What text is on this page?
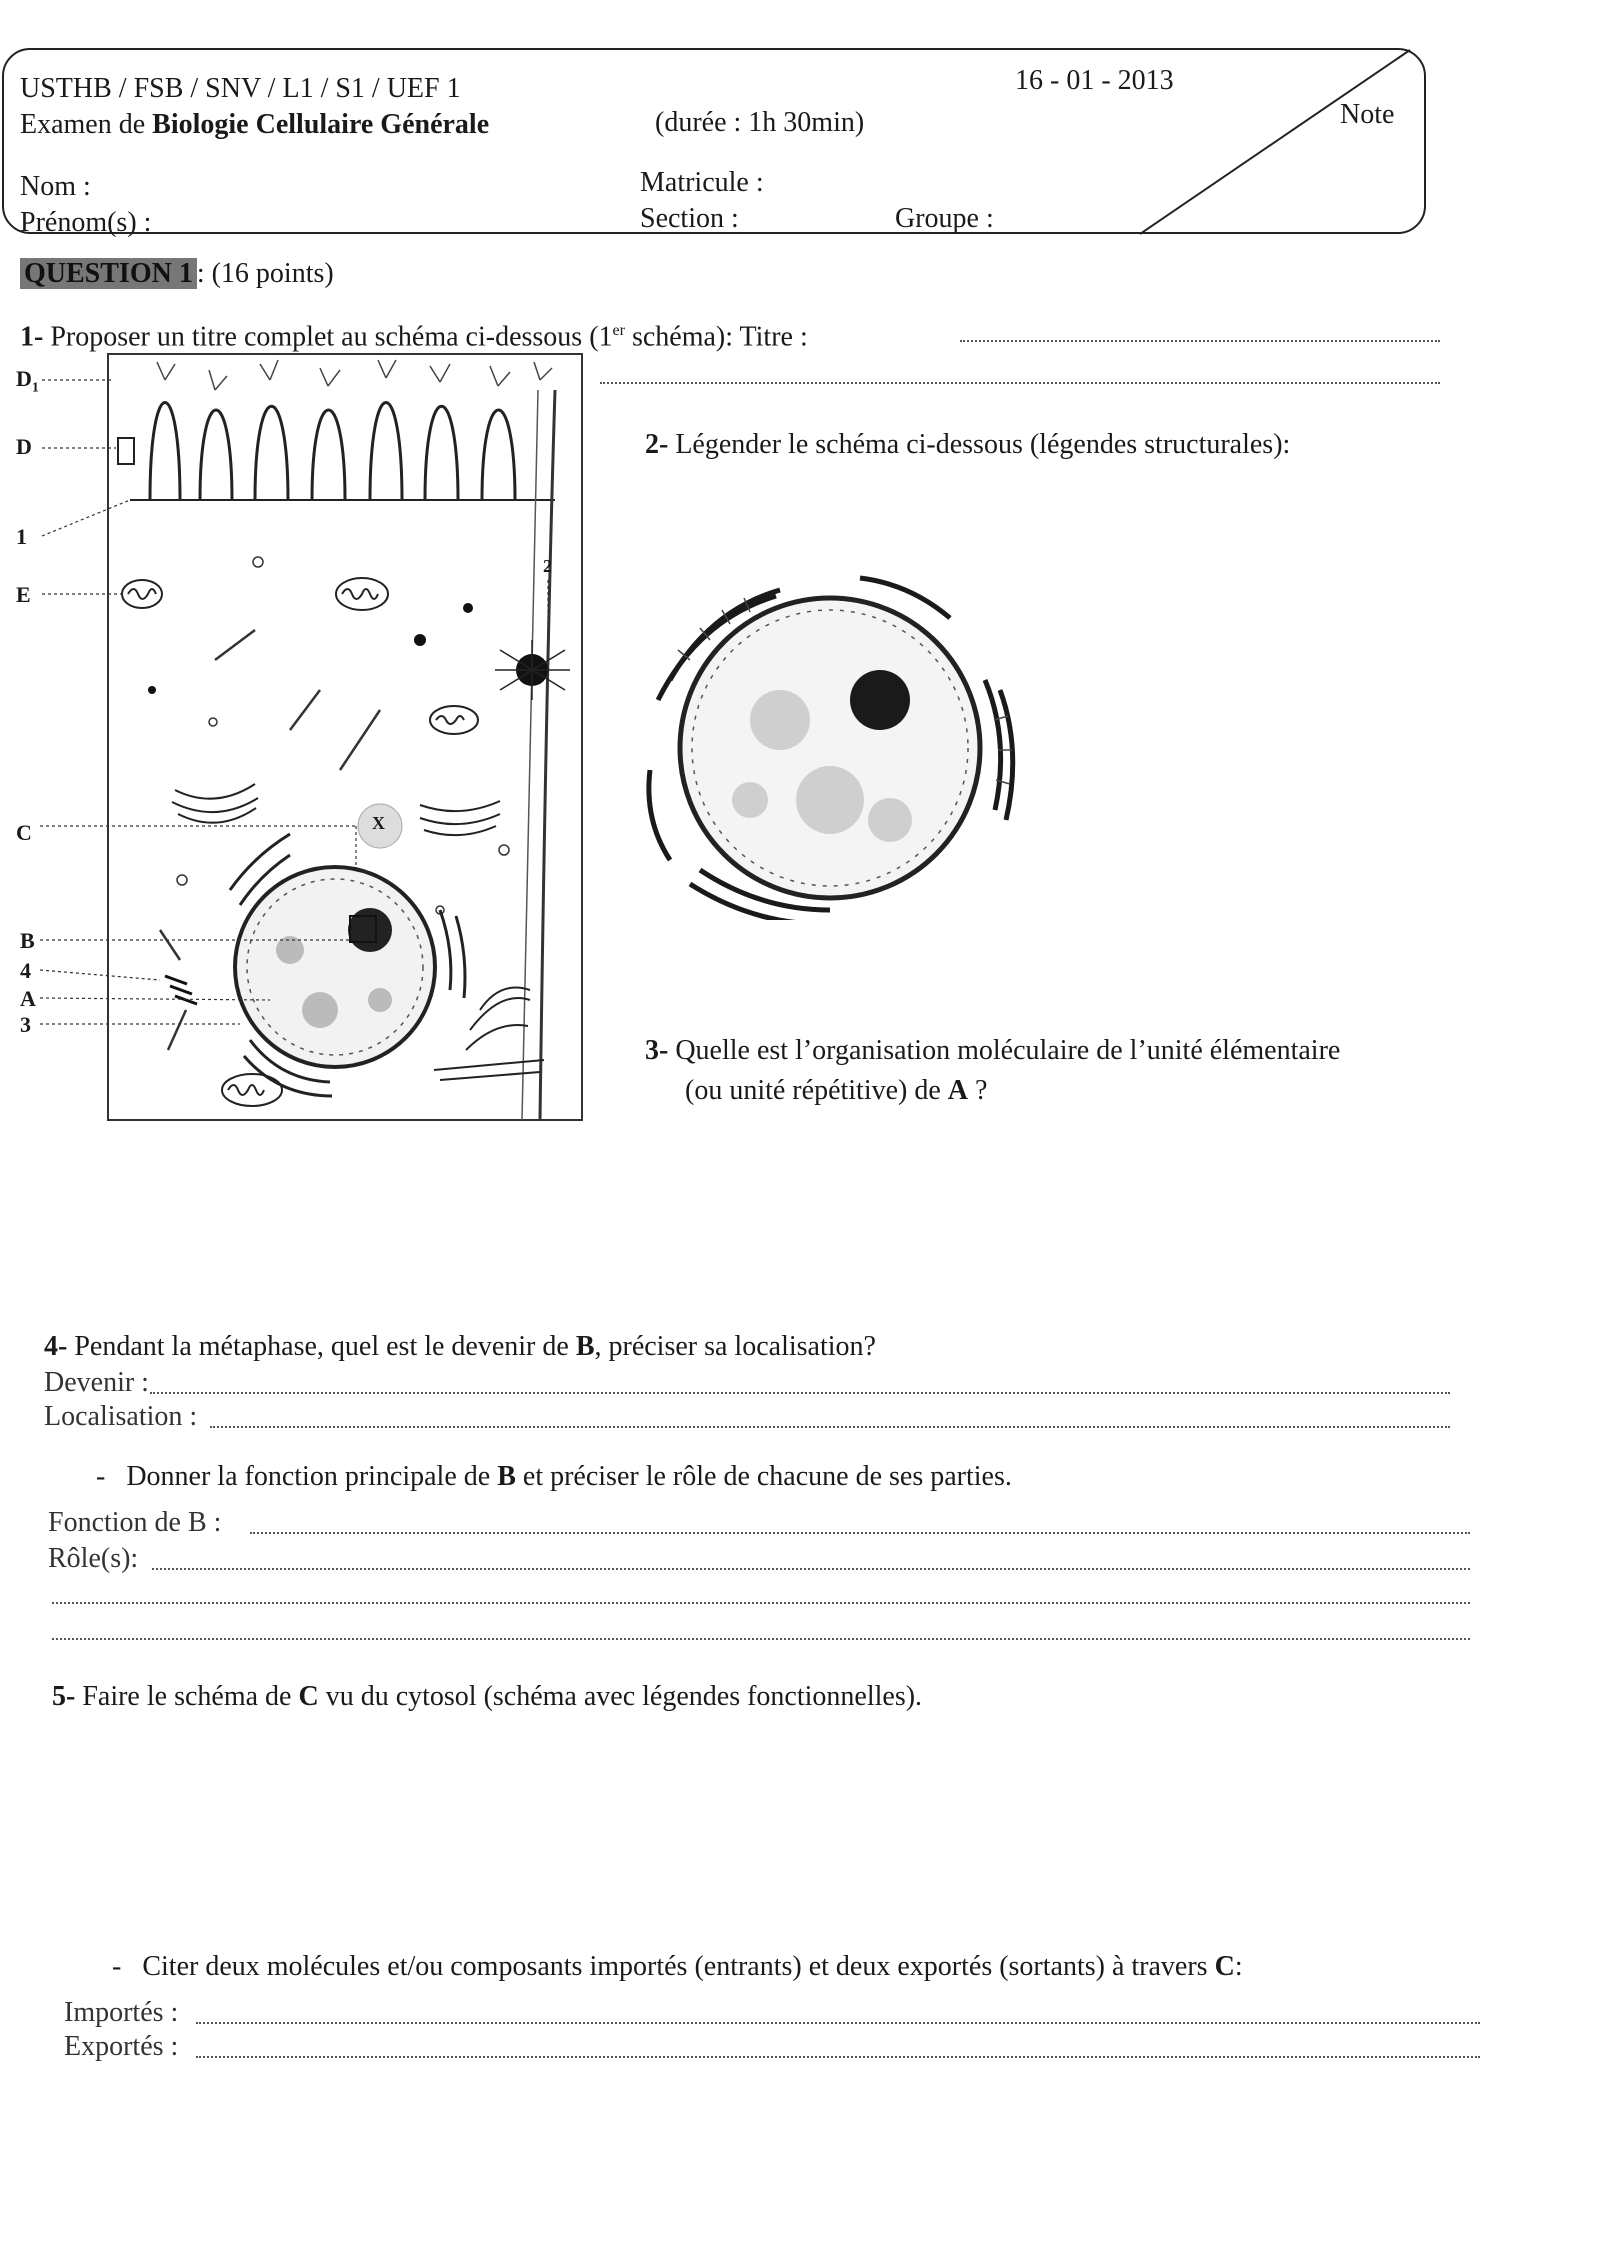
USTHB / FSB / SNV / L1 / S1 / UEF 1
Examen de Biologie Cellulaire Générale	(durée : 1h 30min)
16 - 01 - 2013
Note
Nom :
Prénom(s) :
Matricule :
Section :	Groupe :
QUESTION 1 : (16 points)
1- Proposer un titre complet au schéma ci-dessous (1er schéma): Titre :
$D_1$
D
1
E
2
X
C
B
4
A
3
2- Légender le schéma ci-dessous (légendes structurales):
3- Quelle est l’organisation moléculaire de l’unité élémentaire
(ou unité répétitive) de A ?
4- Pendant la métaphase, quel est le devenir de B, préciser sa localisation?
Devenir :
Localisation :
- Donner la fonction principale de B et préciser le rôle de chacune de ses parties.
Fonction de B :
Rôle(s):
5- Faire le schéma de C vu du cytosol (schéma avec légendes fonctionnelles).
- Citer deux molécules et/ou composants importés (entrants) et deux exportés (sortants) à travers C:
Importés :
Exportés :
